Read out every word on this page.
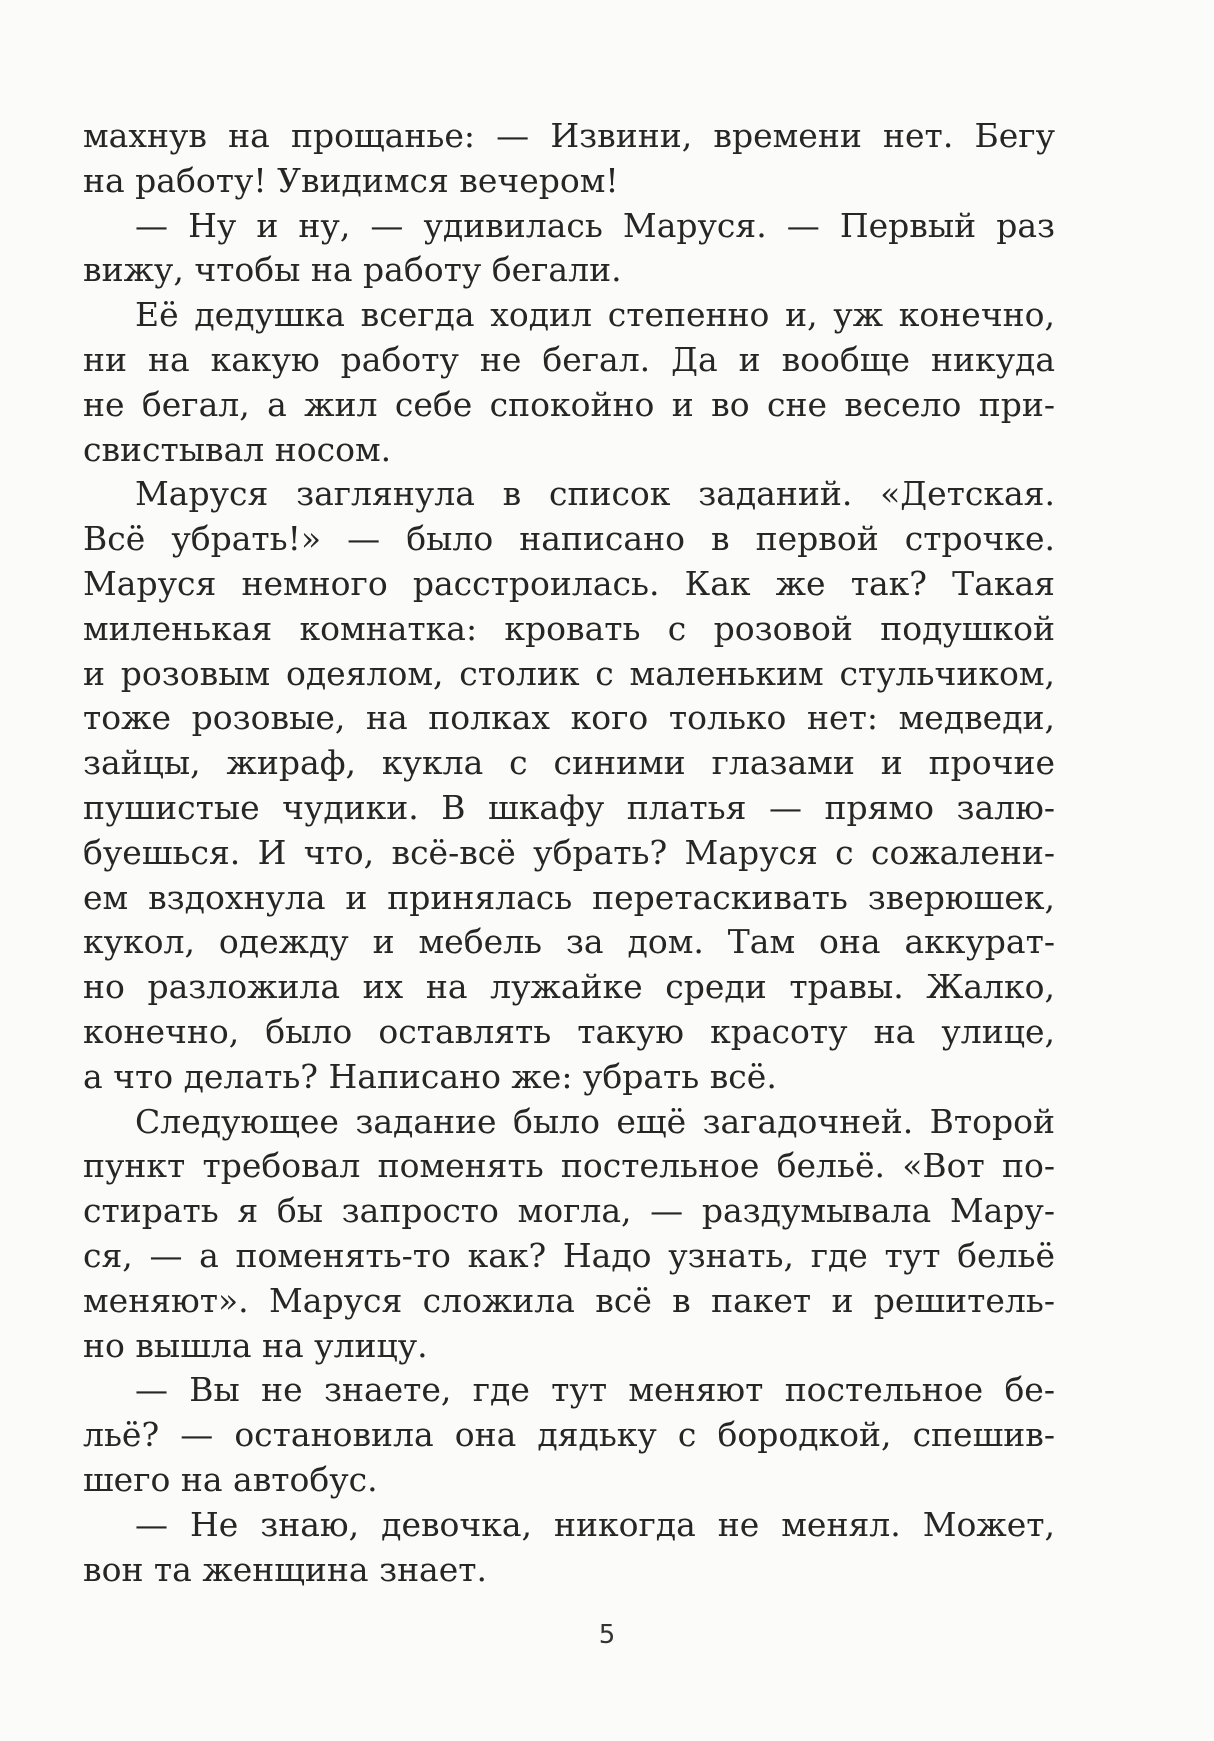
махнув на прощанье: — Извини, времени нет. Бегу
на работу! Увидимся вечером!
— Ну и ну, — удивилась Маруся. — Первый раз
вижу, чтобы на работу бегали.
Её дедушка всегда ходил степенно и, уж конечно,
ни на какую работу не бегал. Да и вообще никуда
не бегал, а жил себе спокойно и во сне весело при-
свистывал носом.
Маруся заглянула в список заданий. «Детская.
Всё убрать!» — было написано в первой строчке.
Маруся немного расстроилась. Как же так? Такая
миленькая комнатка: кровать с розовой подушкой
и розовым одеялом, столик с маленьким стульчиком,
тоже розовые, на полках кого только нет: медведи,
зайцы, жираф, кукла с синими глазами и прочие
пушистые чудики. В шкафу платья — прямо залю-
буешься. И что, всё-всё убрать? Маруся с сожалени-
ем вздохнула и принялась перетаскивать зверюшек,
кукол, одежду и мебель за дом. Там она аккурат-
но разложила их на лужайке среди травы. Жалко,
конечно, было оставлять такую красоту на улице,
а что делать? Написано же: убрать всё.
Следующее задание было ещё загадочней. Второй
пункт требовал поменять постельное бельё. «Вот по-
стирать я бы запросто могла, — раздумывала Мару-
ся, — а поменять-то как? Надо узнать, где тут бельё
меняют». Маруся сложила всё в пакет и решитель-
но вышла на улицу.
— Вы не знаете, где тут меняют постельное бе-
льё? — остановила она дядьку с бородкой, спешив-
шего на автобус.
— Не знаю, девочка, никогда не менял. Может,
вон та женщина знает.
5
